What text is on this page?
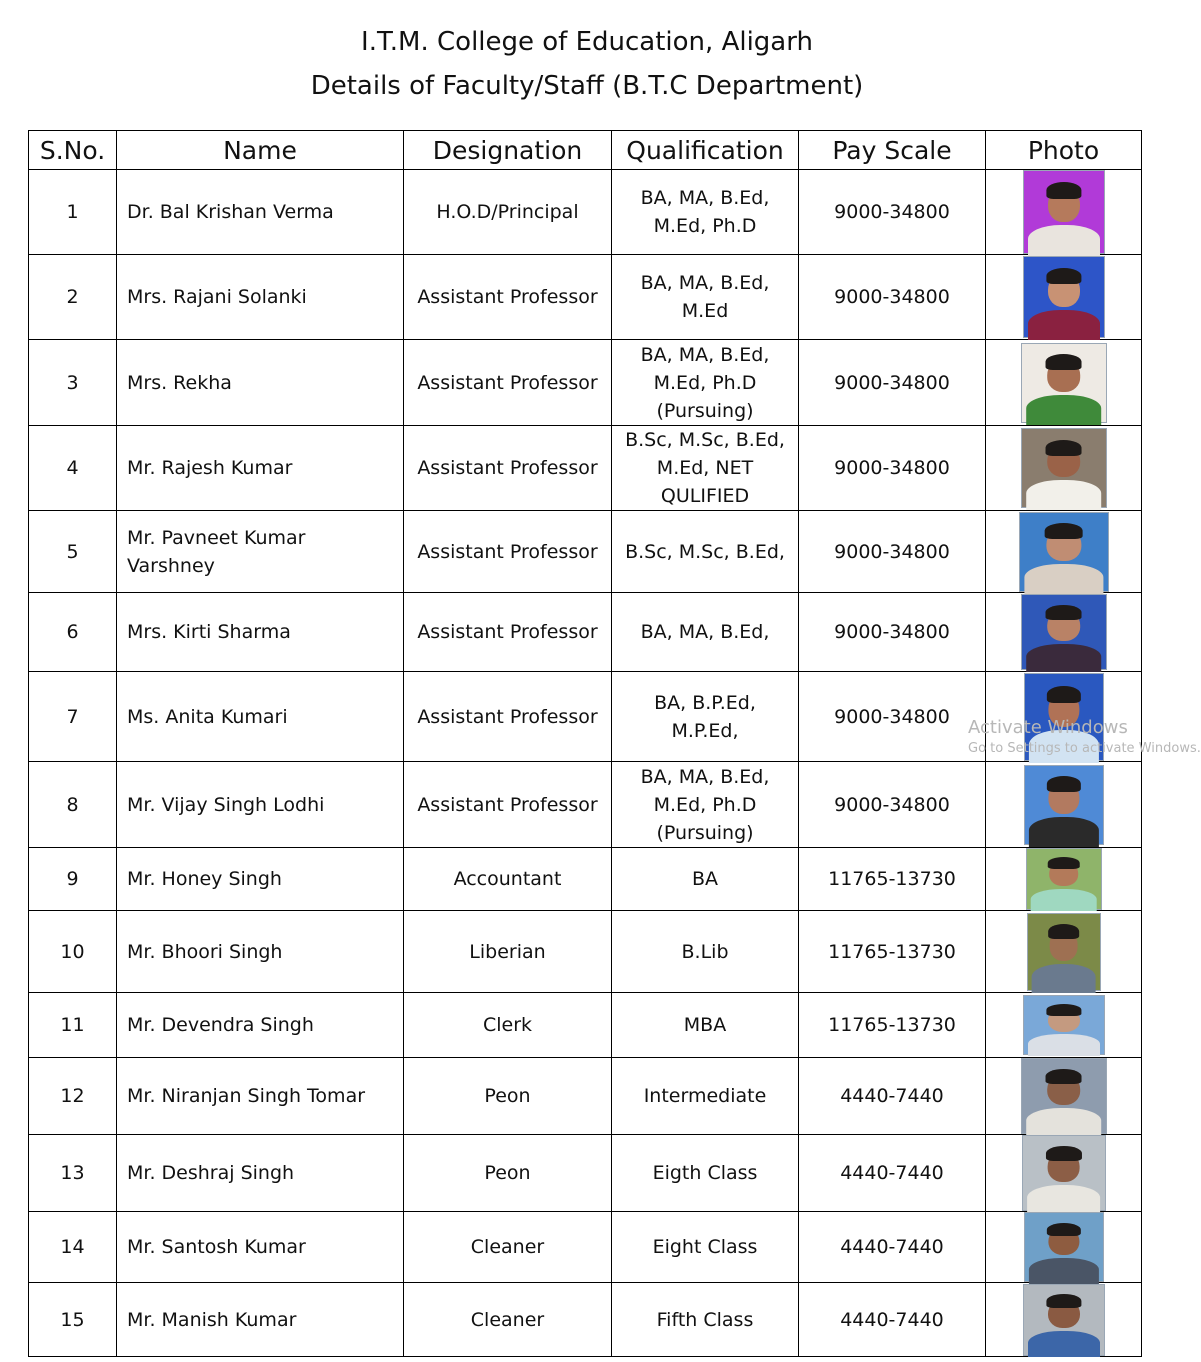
I.T.M. College of Education, Aligarh
Details of Faculty/Staff (B.T.C Department)
S.No.	Name	Designation	Qualification	Pay Scale	Photo
1	Dr. Bal Krishan Verma	H.O.D/Principal	BA, MA, B.Ed,
M.Ed, Ph.D	9000-34800	

2	Mrs. Rajani Solanki	Assistant Professor	BA, MA, B.Ed,
M.Ed	9000-34800	

3	Mrs. Rekha	Assistant Professor	BA, MA, B.Ed,
M.Ed, Ph.D
(Pursuing)	9000-34800	

4	Mr. Rajesh Kumar	Assistant Professor	B.Sc, M.Sc, B.Ed,
M.Ed, NET
QULIFIED	9000-34800	

5	Mr. Pavneet Kumar Varshney	Assistant Professor	B.Sc, M.Sc, B.Ed,	9000-34800	

6	Mrs. Kirti Sharma	Assistant Professor	BA, MA, B.Ed,	9000-34800	

7	Ms. Anita Kumari	Assistant Professor	BA, B.P.Ed,
M.P.Ed,	9000-34800	

8	Mr. Vijay Singh Lodhi	Assistant Professor	BA, MA, B.Ed,
M.Ed, Ph.D
(Pursuing)	9000-34800	

9	Mr. Honey Singh	Accountant	BA	11765-13730	

10	Mr. Bhoori Singh	Liberian	B.Lib	11765-13730	

11	Mr. Devendra Singh	Clerk	MBA	11765-13730	

12	Mr. Niranjan Singh Tomar	Peon	Intermediate	4440-7440	

13	Mr. Deshraj Singh	Peon	Eigth Class	4440-7440	

14	Mr. Santosh Kumar	Cleaner	Eight Class	4440-7440	

15	Mr. Manish Kumar	Cleaner	Fifth Class	4440-7440	
Activate Windows
Go to Settings to activate Windows.
